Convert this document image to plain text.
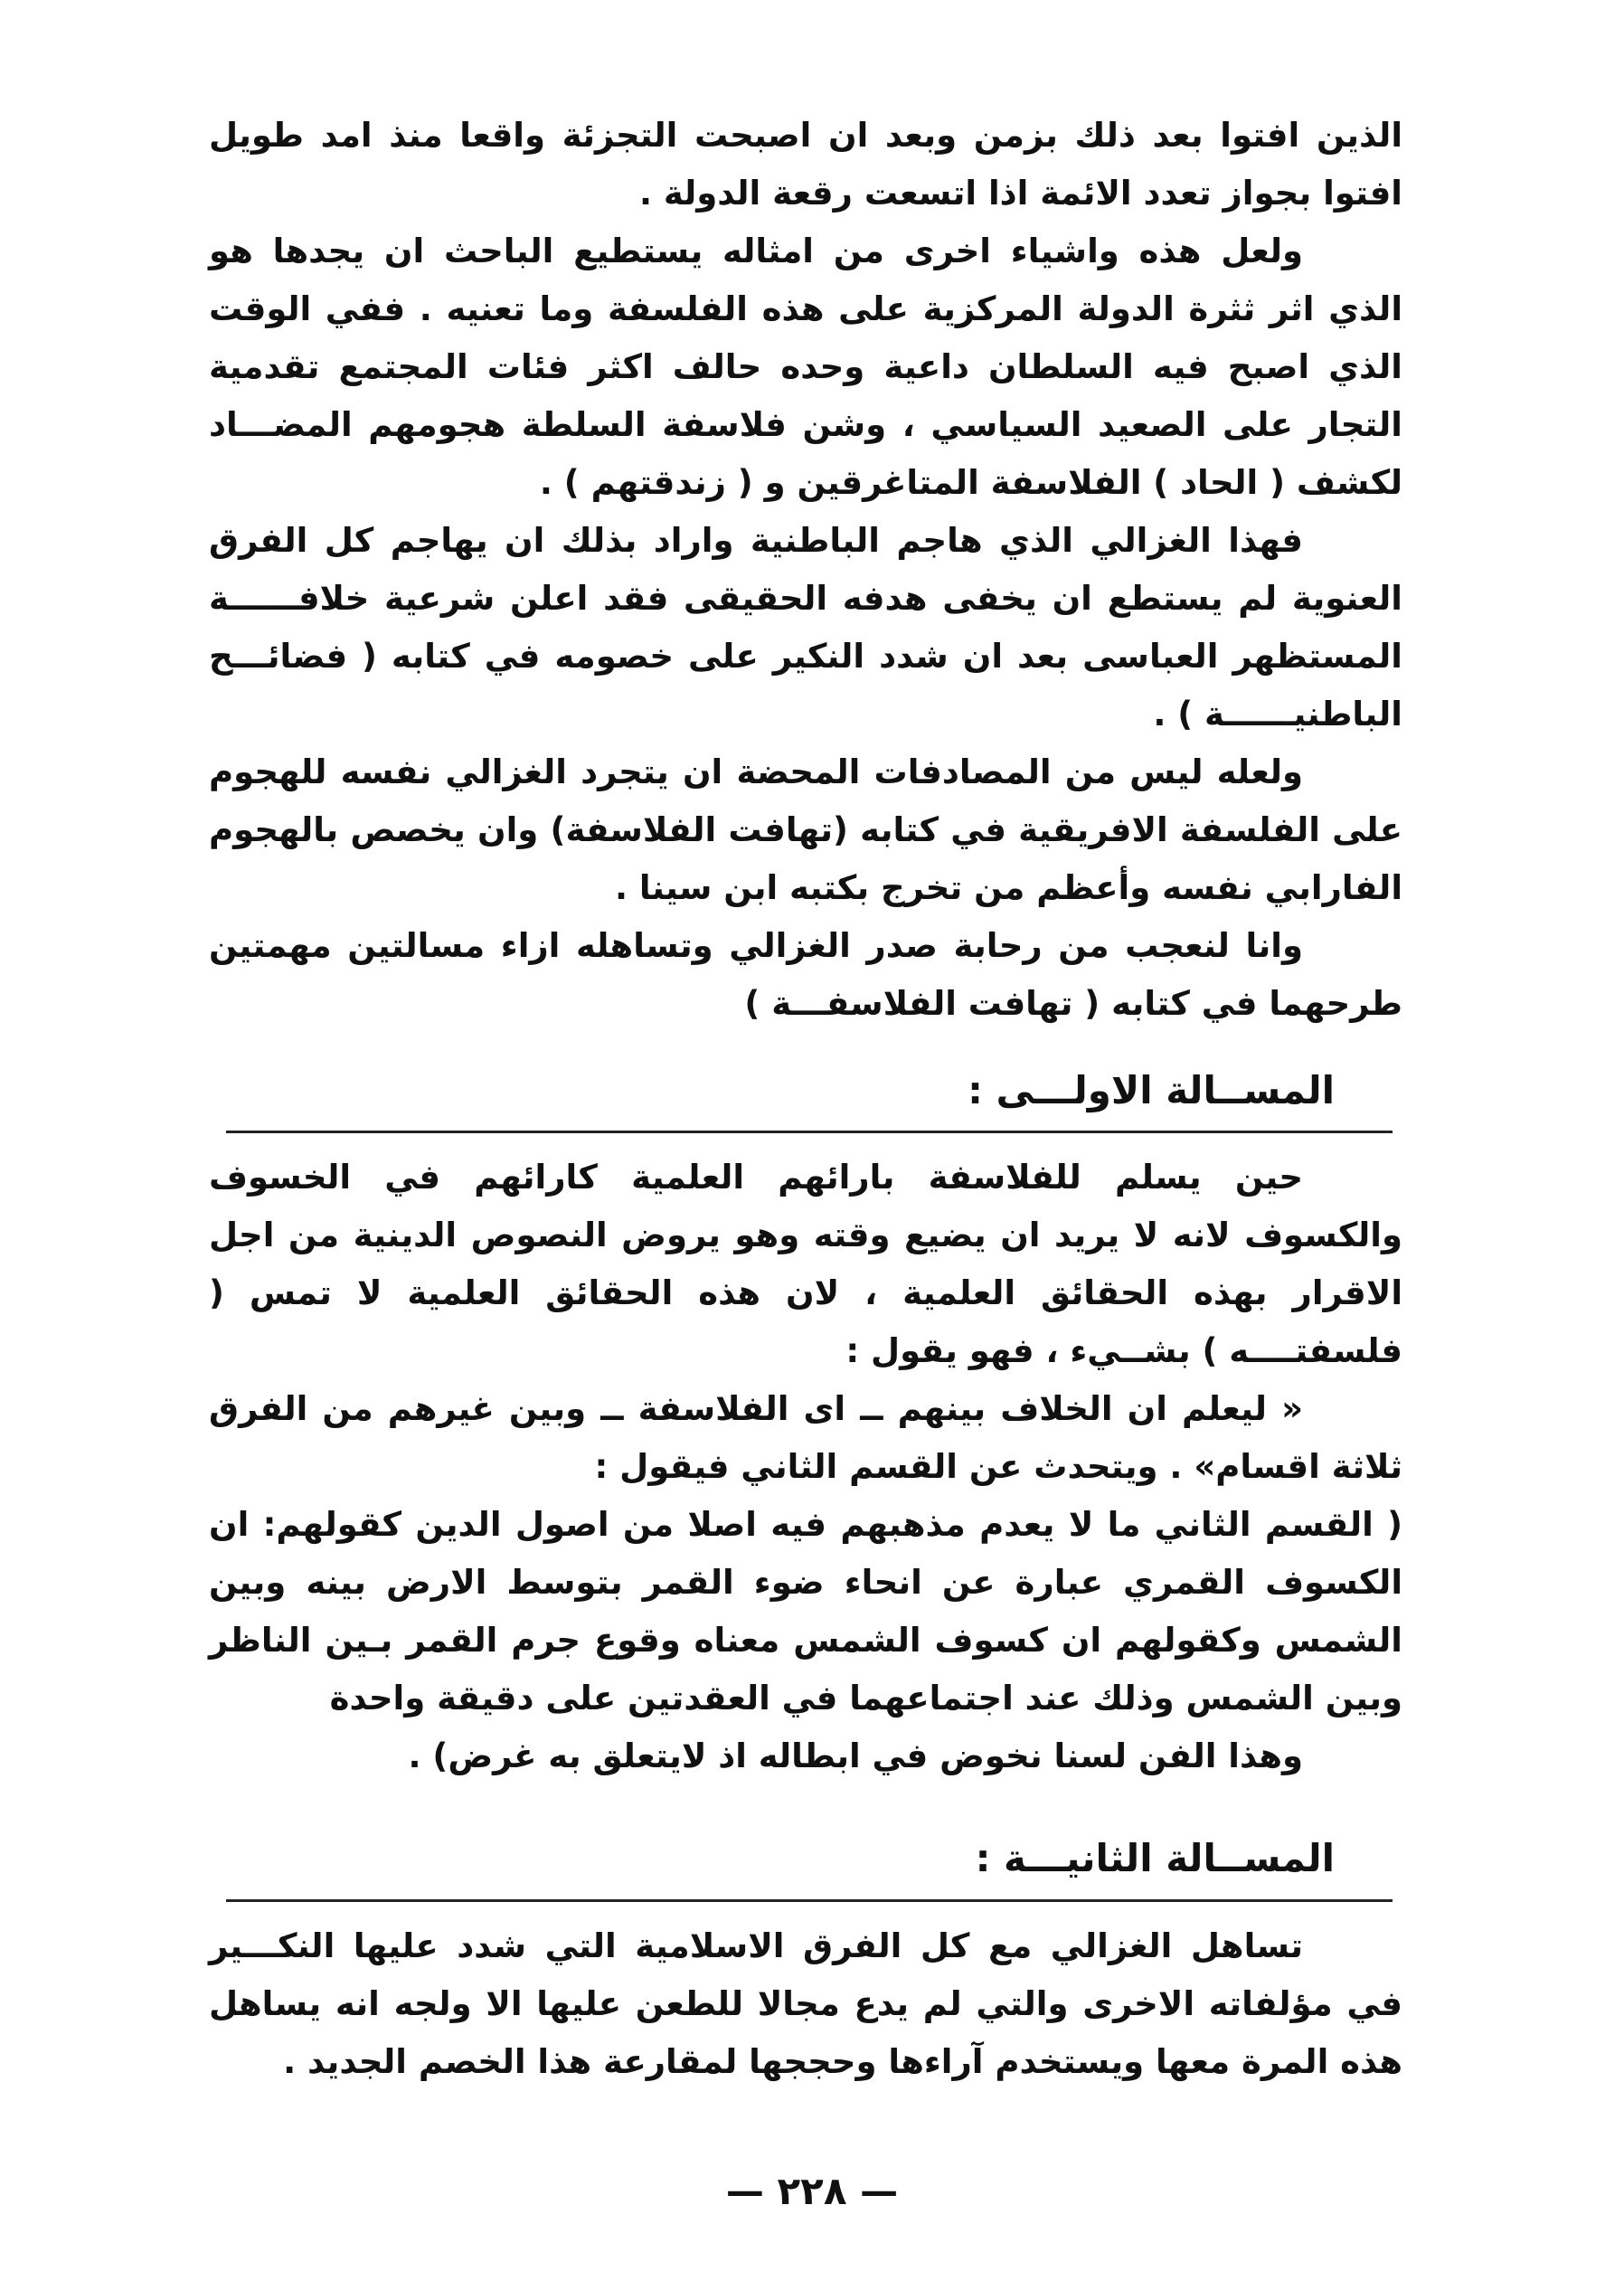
الذين افتوا بعد ذلك بزمن وبعد ان اصبحت التجزئة واقعا منذ امد طويل افتوا بجواز تعدد الائمة اذا اتسعت رقعة الدولة .

ولعل هذه واشياء اخرى من امثاله يستطيع الباحث ان يجدها هو الذي اثر ثثرة الدولة المركزية على هذه الفلسفة وما تعنيه . ففي الوقت الذي اصبح فيه السلطان داعية وحده حالف اكثر فئات المجتمع تقدمية التجار على الصعيد السياسي ، وشن فلاسفة السلطة هجومهم المضـــاد لكشف ( الحاد ) الفلاسفة المتاغرقين و ( زندقتهم ) .

فهذا الغزالي الذي هاجم الباطنية واراد بذلك ان يهاجم كل الفرق العنوية لم يستطع ان يخفى هدفه الحقيقى فقد اعلن شرعية خلافــــــة المستظهر العباسى بعد ان شدد النكير على خصومه في كتابه ( فضائـــح الباطنيــــــة ) .

ولعله ليس من المصادفات المحضة ان يتجرد الغزالي نفسه للهجوم على الفلسفة الافريقية في كتابه (تهافت الفلاسفة) وان يخصص بالهجوم الفارابي نفسه وأعظم من تخرج بكتبه ابن سينا .

وانا لنعجب من رحابة صدر الغزالي وتساهله ازاء مسالتين مهمتين طرحهما في كتابه ( تهافت الفلاسفـــة )

المســالة الاولـــى :

حين يسلم للفلاسفة بارائهم العلمية كارائهم في الخسوف والكسوف لانه لا يريد ان يضيع وقته وهو يروض النصوص الدينية من اجل الاقرار بهذه الحقائق العلمية ، لان هذه الحقائق العلمية لا تمس ( فلسفتــــه ) بشــيء ، فهو يقول :

« ليعلم ان الخلاف بينهم ــ اى الفلاسفة ــ وبين غيرهم من الفرق ثلاثة اقسام» . ويتحدث عن القسم الثاني فيقول :

( القسم الثاني ما لا يعدم مذهبهم فيه اصلا من اصول الدين كقولهم: ان الكسوف القمري عبارة عن انحاء ضوء القمر بتوسط الارض بينه وبين الشمس وكقولهم ان كسوف الشمس معناه وقوع جرم القمر بـين الناظر وبين الشمس وذلك عند اجتماعهما في العقدتين على دقيقة واحدة

وهذا الفن لسنا نخوض في ابطاله اذ لايتعلق به غرض) .

المســالة الثانيـــة :

تساهل الغزالي مع كل الفرق الاسلامية التي شدد عليها النكـــير في مؤلفاته الاخرى والتي لم يدع مجالا للطعن عليها الا ولجه انه يساهل هذه المرة معها ويستخدم آراءها وحججها لمقارعة هذا الخصم الجديد .

— ٢٢٨ —
